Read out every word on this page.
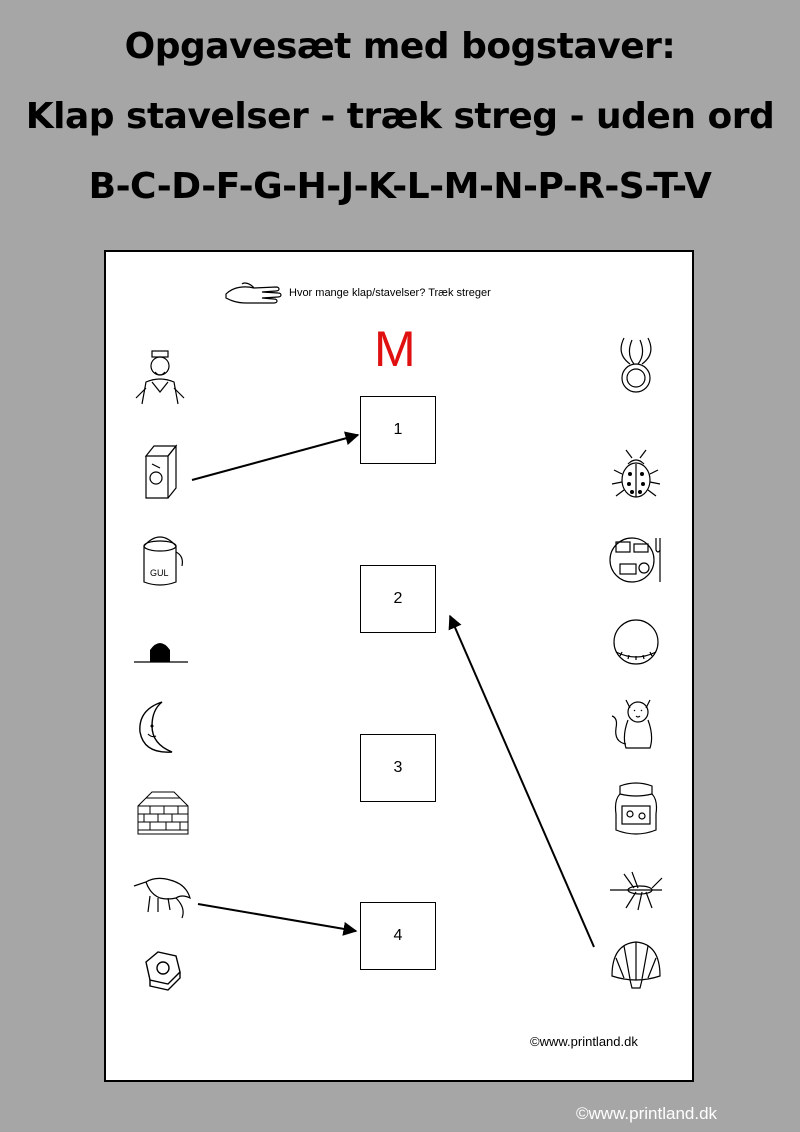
Opgavesæt med bogstaver:
Klap stavelser - træk streg - uden ord
B-C-D-F-G-H-J-K-L-M-N-P-R-S-T-V
Hvor mange klap/stavelser? Træk streger
M
1
2
3
4
GUL
©www.printland.dk
©www.printland.dk
